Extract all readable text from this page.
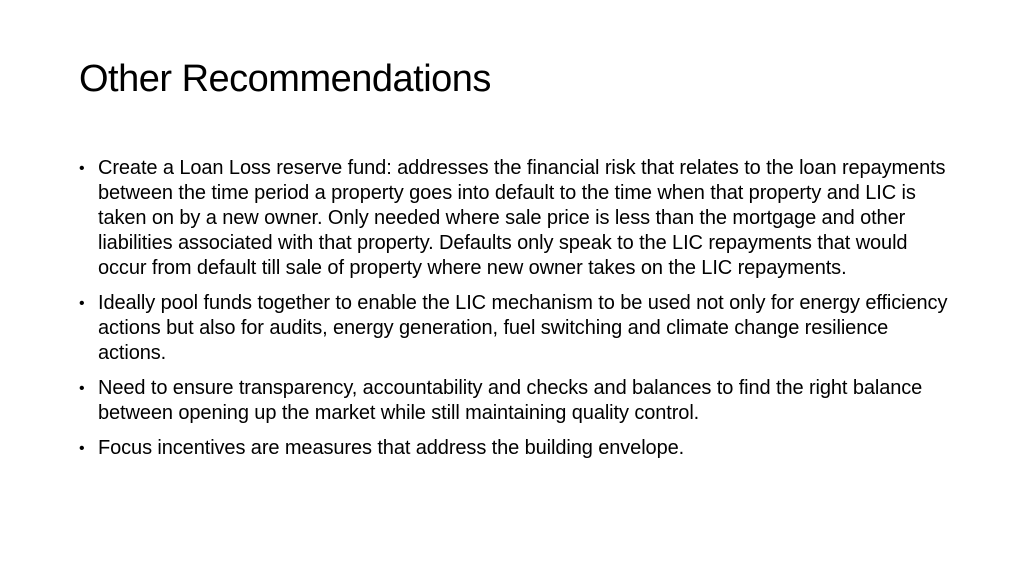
Other Recommendations
• Create a Loan Loss reserve fund: addresses the financial risk that relates to the loan repayments between the time period a property goes into default to the time when that property and LIC is taken on by a new owner. Only needed where sale price is less than the mortgage and other liabilities associated with that property. Defaults only speak to the LIC repayments that would occur from default till sale of property where new owner takes on the LIC repayments.
• Ideally pool funds together to enable the LIC mechanism to be used not only for energy efficiency actions but also for audits, energy generation, fuel switching and climate change resilience actions.
• Need to ensure transparency, accountability and checks and balances to find the right balance between opening up the market while still maintaining quality control.
• Focus incentives are measures that address the building envelope.
